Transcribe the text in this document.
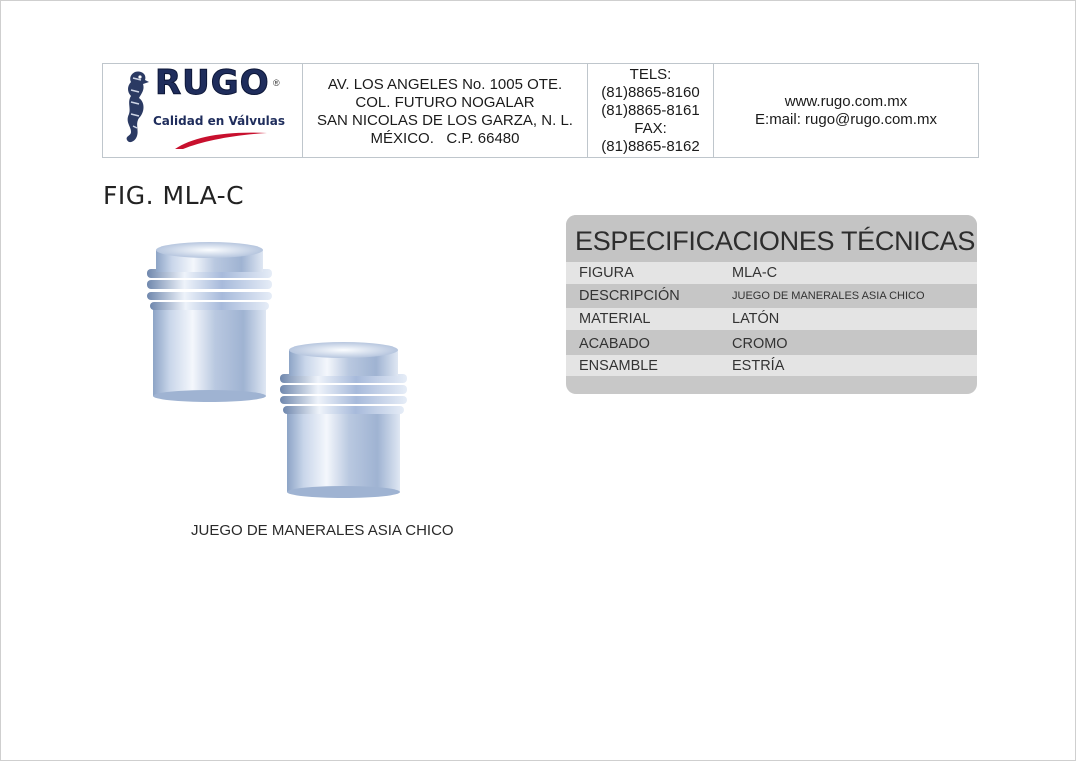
RUGO ®
Calidad en Válvulas
AV. LOS ANGELES No. 1005 OTE.
COL. FUTURO NOGALAR
SAN NICOLAS DE LOS GARZA, N. L.
MÉXICO.   C.P. 66480
TELS:
(81)8865-8160
(81)8865-8161
FAX:
(81)8865-8162
www.rugo.com.mx
E:mail: rugo@rugo.com.mx
FIG. MLA-C
JUEGO DE MANERALES ASIA CHICO
ESPECIFICACIONES TÉCNICAS
FIGURA	MLA-C
DESCRIPCIÓN	JUEGO DE MANERALES ASIA CHICO
MATERIAL	LATÓN
ACABADO	CROMO
ENSAMBLE	ESTRÍA
